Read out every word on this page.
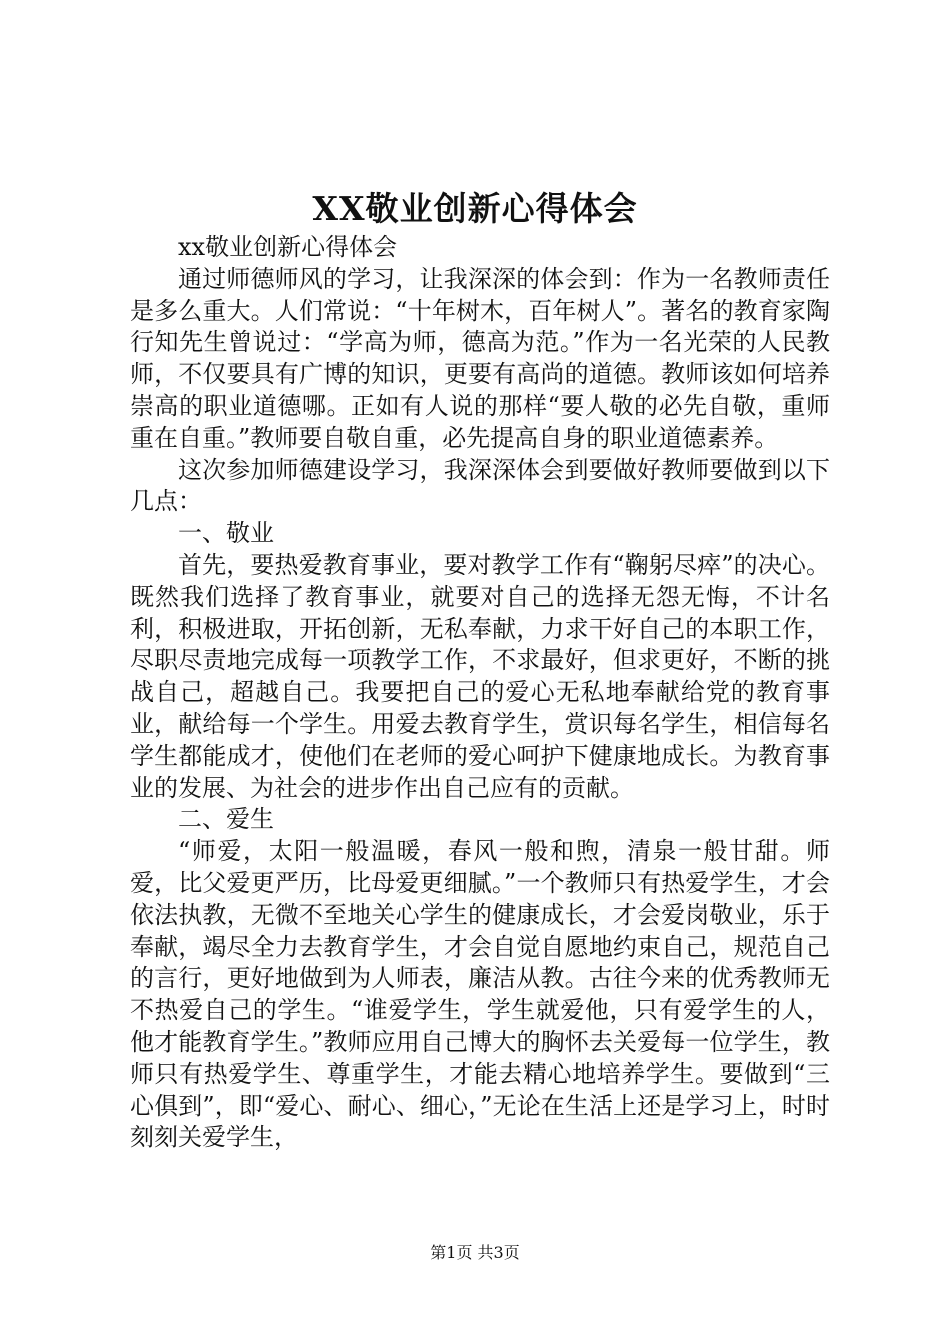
XX敬业创新心得体会

xx敬业创新心得体会

通过师德师风的学习，让我深深的体会到：作为一名教师责任是多么重大。人们常说：“十年树木，百年树人”。著名的教育家陶行知先生曾说过：“学高为师，德高为范。”作为一名光荣的人民教师，不仅要具有广博的知识，更要有高尚的道德。教师该如何培养崇高的职业道德哪。正如有人说的那样“要人敬的必先自敬，重师重在自重。”教师要自敬自重，必先提高自身的职业道德素养。

这次参加师德建设学习，我深深体会到要做好教师要做到以下几点：

一、敬业

首先，要热爱教育事业，要对教学工作有“鞠躬尽瘁”的决心。既然我们选择了教育事业，就要对自己的选择无怨无悔，不计名利，积极进取，开拓创新，无私奉献，力求干好自己的本职工作，尽职尽责地完成每一项教学工作，不求最好，但求更好，不断的挑战自己，超越自己。我要把自己的爱心无私地奉献给党的教育事业，献给每一个学生。用爱去教育学生，赏识每名学生，相信每名学生都能成才，使他们在老师的爱心呵护下健康地成长。为教育事业的发展、为社会的进步作出自己应有的贡献。

二、爱生

“师爱，太阳一般温暖，春风一般和煦，清泉一般甘甜。师爱，比父爱更严历，比母爱更细腻。”一个教师只有热爱学生，才会依法执教，无微不至地关心学生的健康成长，才会爱岗敬业，乐于奉献，竭尽全力去教育学生，才会自觉自愿地约束自己，规范自己的言行，更好地做到为人师表，廉洁从教。古往今来的优秀教师无不热爱自己的学生。“谁爱学生，学生就爱他，只有爱学生的人，他才能教育学生。”教师应用自己博大的胸怀去关爱每一位学生，教师只有热爱学生、尊重学生，才能去精心地培养学生。要做到“三心俱到”，即“爱心、耐心、细心，”无论在生活上还是学习上，时时刻刻关爱学生，

第1页 共3页
